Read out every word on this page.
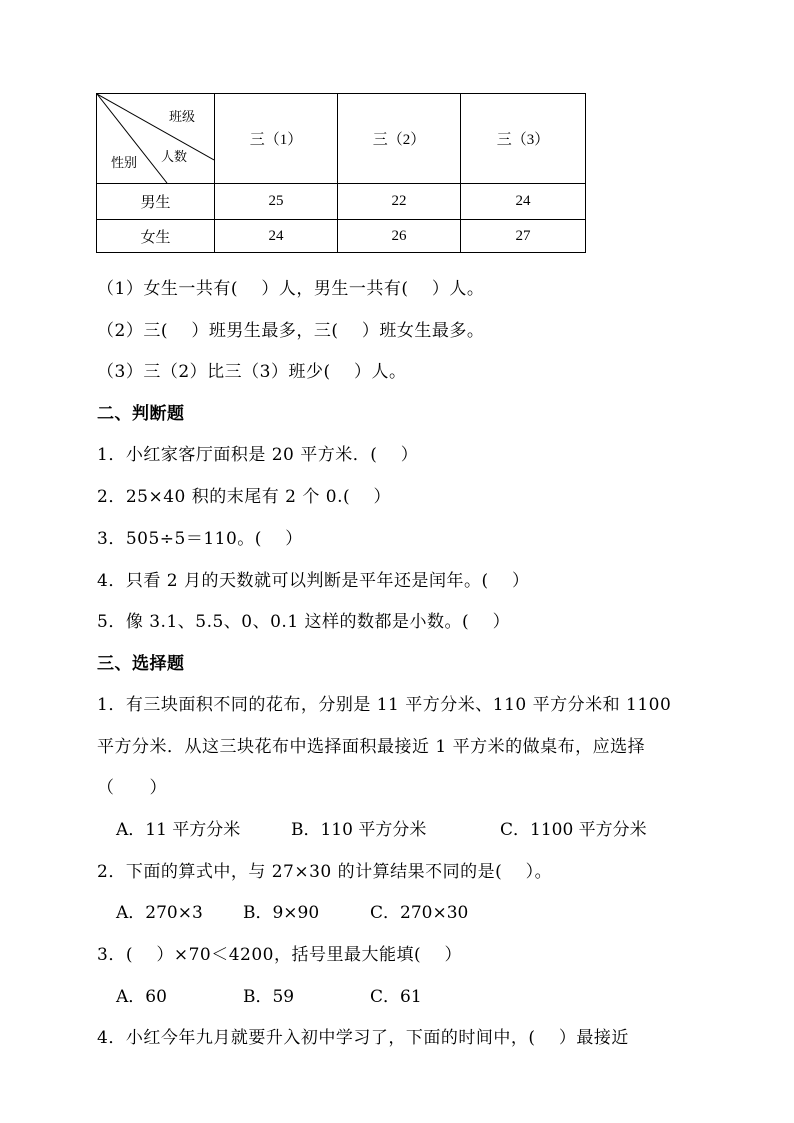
班级
人数
性别	三（1）	三（2）	三（3）
男生	25	22	24
女生	24	26	27
（1）女生一共有(　 ）人，男生一共有(　 ）人。
（2）三(　 ）班男生最多，三(　 ）班女生最多。
（3）三（2）比三（3）班少(　 ）人。
二、判断题
1．小红家客厅面积是 20 平方米．(　 ）
2．25×40 积的末尾有 2 个 0.(　 ）
3．505÷5＝110。(　 ）
4．只看 2 月的天数就可以判断是平年还是闰年。(　 ）
5．像 3.1、5.5、0、0.1 这样的数都是小数。(　 ）
三、选择题
1．有三块面积不同的花布，分别是 11 平方分米、110 平方分米和 1100
平方分米．从这三块花布中选择面积最接近 1 平方米的做桌布，应选择
（　　）
A．11 平方分米	B．110 平方分米	C．1100 平方分米
2．下面的算式中，与 27×30 的计算结果不同的是(　 ）。
A．270×3 B．9×90	C．270×30
3．(　 ）×70＜4200，括号里最大能填(　 ）
A．60	B．59	C．61
4．小红今年九月就要升入初中学习了，下面的时间中，(　 ）最接近
